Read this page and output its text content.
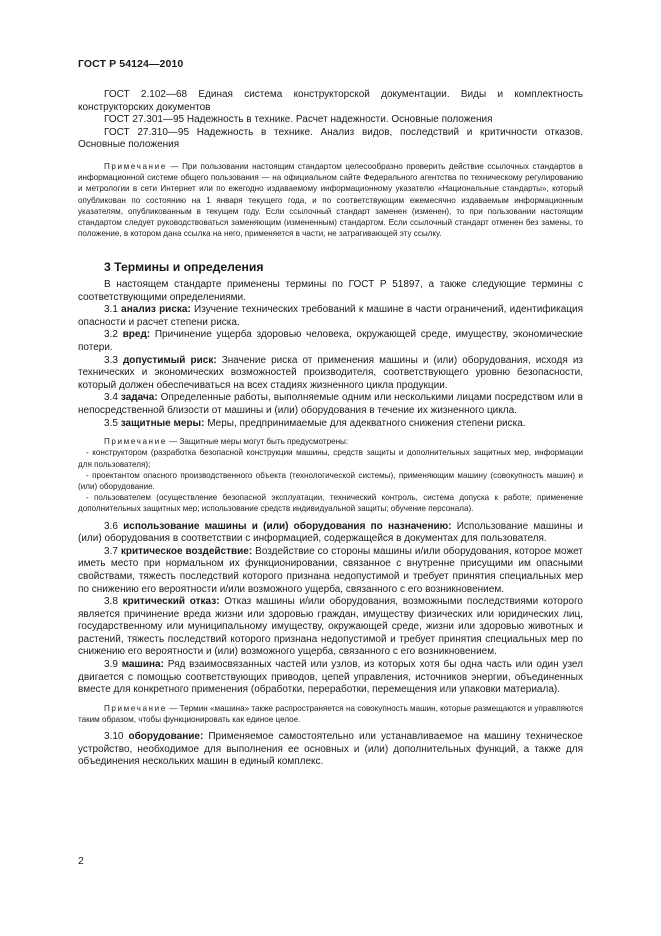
ГОСТ Р 54124—2010

ГОСТ 2.102—68 Единая система конструкторской документации. Виды и комплектность конструкторских документов

ГОСТ 27.301—95 Надежность в технике. Расчет надежности. Основные положения

ГОСТ 27.310—95 Надежность в технике. Анализ видов, последствий и критичности отказов. Основные положения

Примечание — При пользовании настоящим стандартом целесообразно проверить действие ссылочных стандартов в информационной системе общего пользования — на официальном сайте Федерального агентства по техническому регулированию и метрологии в сети Интернет или по ежегодно издаваемому информационному указателю «Национальные стандарты», который опубликован по состоянию на 1 января текущего года, и по соответствующим ежемесячно издаваемым информационным указателям, опубликованным в текущем году. Если ссылочный стандарт заменен (изменен), то при пользовании настоящим стандартом следует руководствоваться заменяющим (измененным) стандартом. Если ссылочный стандарт отменен без замены, то положение, в котором дана ссылка на него, применяется в части, не затрагивающей эту ссылку.

3 Термины и определения

В настоящем стандарте применены термины по ГОСТ Р 51897, а также следующие термины с соответствующими определениями.

3.1 анализ риска: Изучение технических требований к машине в части ограничений, идентификация опасности и расчет степени риска.

3.2 вред: Причинение ущерба здоровью человека, окружающей среде, имуществу, экономические потери.

3.3 допустимый риск: Значение риска от применения машины и (или) оборудования, исходя из технических и экономических возможностей производителя, соответствующего уровню безопасности, который должен обеспечиваться на всех стадиях жизненного цикла продукции.

3.4 задача: Определенные работы, выполняемые одним или несколькими лицами посредством или в непосредственной близости от машины и (или) оборудования в течение их жизненного цикла.

3.5 защитные меры: Меры, предпринимаемые для адекватного снижения степени риска.

Примечание — Защитные меры могут быть предусмотрены:

- конструктором (разработка безопасной конструкции машины, средств защиты и дополнительных защитных мер, информации для пользователя);

- проектантом опасного производственного объекта (технологической системы), применяющим машину (совокупность машин) и (или) оборудование.

- пользователем (осуществление безопасной эксплуатации, технический контроль, система допуска к работе; применение дополнительных защитных мер; использование средств индивидуальной защиты; обучение персонала).

3.6 использование машины и (или) оборудования по назначению: Использование машины и (или) оборудования в соответствии с информацией, содержащейся в документах для пользователя.

3.7 критическое воздействие: Воздействие со стороны машины и/или оборудования, которое может иметь место при нормальном их функционировании, связанное с внутренне присущими им опасными свойствами, тяжесть последствий которого признана недопустимой и требует принятия специальных мер по снижению его вероятности и/или возможного ущерба, связанного с его возникновением.

3.8 критический отказ: Отказ машины и/или оборудования, возможными последствиями которого является причинение вреда жизни или здоровью граждан, имуществу физических или юридических лиц, государственному или муниципальному имуществу, окружающей среде, жизни или здоровью животных и растений, тяжесть последствий которого признана недопустимой и требует принятия специальных мер по снижению его вероятности и (или) возможного ущерба, связанного с его возникновением.

3.9 машина: Ряд взаимосвязанных частей или узлов, из которых хотя бы одна часть или один узел двигается с помощью соответствующих приводов, цепей управления, источников энергии, объединенных вместе для конкретного применения (обработки, переработки, перемещения или упаковки материала).

Примечание — Термин «машина» также распространяется на совокупность машин, которые размещаются и управляются таким образом, чтобы функционировать как единое целое.

3.10 оборудование: Применяемое самостоятельно или устанавливаемое на машину техническое устройство, необходимое для выполнения ее основных и (или) дополнительных функций, а также для объединения нескольких машин в единый комплекс.

2
